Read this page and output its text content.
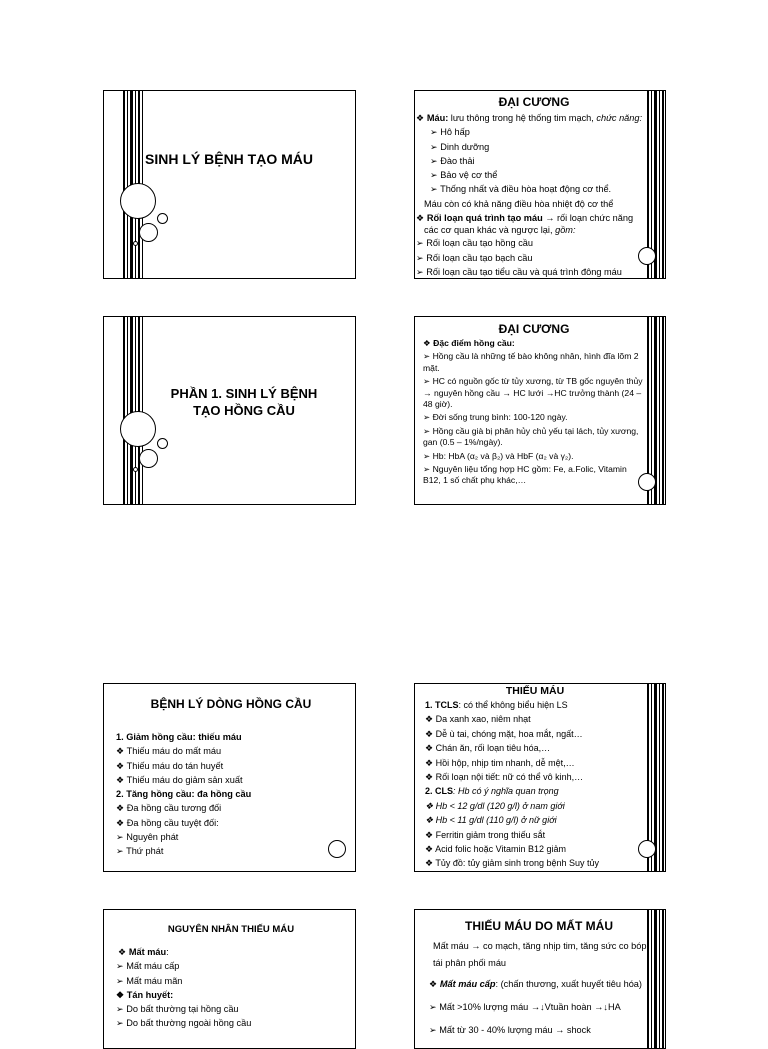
SINH LÝ BỆNH TẠO MÁU
ĐẠI CƯƠNG
❖ Máu: lưu thông trong hệ thống tim mạch, chức năng:
➢ Hô hấp
➢ Dinh dưỡng
➢ Đào thải
➢ Bảo vệ cơ thể
➢ Thống nhất và điều hòa hoạt động cơ thể.
Máu còn có khả năng điều hòa nhiệt độ cơ thể
❖ Rối loạn quá trình tạo máu → rối loạn chức năng
các cơ quan khác và ngược lại, gồm:
➢ Rối loạn cầu tạo hồng cầu
➢ Rối loạn cầu tạo bạch cầu
➢ Rối loạn cầu tạo tiểu cầu và quá trình đông máu
PHẦN 1. SINH LÝ BỆNH
TẠO HỒNG CẦU
ĐẠI CƯƠNG
❖ Đặc điểm hồng cầu:
➢ Hồng cầu là những tế bào không nhân, hình đĩa lõm 2 mặt.
➢ HC có nguồn gốc từ tủy xương, từ TB gốc nguyên thủy → nguyên hồng cầu → HC lưới →HC trưởng thành (24 – 48 giờ).
➢ Đời sống trung bình: 100-120 ngày.
➢ Hồng cầu già bị phân hủy chủ yếu tại lách, tủy xương, gan (0.5 – 1%/ngày).
➢ Hb: HbA (α₂ và β₂) và HbF (α₂ và γ₂).
➢ Nguyên liệu tổng hợp HC gồm: Fe, a.Folic, Vitamin B12, 1 số chất phụ khác,…
BỆNH LÝ DÒNG HỒNG CẦU
1. Giảm hồng cầu: thiếu máu
❖ Thiếu máu do mất máu
❖ Thiếu máu do tán huyết
❖ Thiếu máu do giảm sản xuất
2. Tăng hồng cầu: đa hồng cầu
❖ Đa hồng cầu tương đối
❖ Đa hồng cầu tuyệt đối:
➢ Nguyên phát
➢ Thứ phát
THIẾU MÁU
1. TCLS: có thể không biểu hiện LS
❖ Da xanh xao, niêm nhạt
❖ Dễ ù tai, chóng mặt, hoa mắt, ngất…
❖ Chán ăn, rối loạn tiêu hóa,…
❖ Hồi hộp, nhịp tim nhanh, dễ mệt,…
❖ Rối loạn nội tiết: nữ có thể vô kinh,…
2. CLS: Hb có ý nghĩa quan trọng
❖ Hb < 12 g/dl (120 g/l) ở nam giới
❖ Hb < 11 g/dl (110 g/l) ở nữ giới
❖ Ferritin giảm trong thiếu sắt
❖ Acid folic hoặc Vitamin B12 giảm
❖ Tủy đồ: tủy giảm sinh trong bệnh Suy tủy
NGUYÊN NHÂN THIẾU MÁU
❖ Mất máu:
➢ Mất máu cấp
➢ Mất máu mãn
❖ Tán huyết:
➢ Do bất thường tại hồng cầu
➢ Do bất thường ngoài hồng cầu
THIẾU MÁU DO MẤT MÁU
Mất máu → co mạch, tăng nhịp tim, tăng sức co bóp, tái phân phối máu
❖ Mất máu cấp: (chấn thương, xuất huyết tiêu hóa)
➢ Mất >10% lượng máu →↓Vtuần hoàn →↓HA
➢ Mất từ 30 - 40% lượng máu → shock
